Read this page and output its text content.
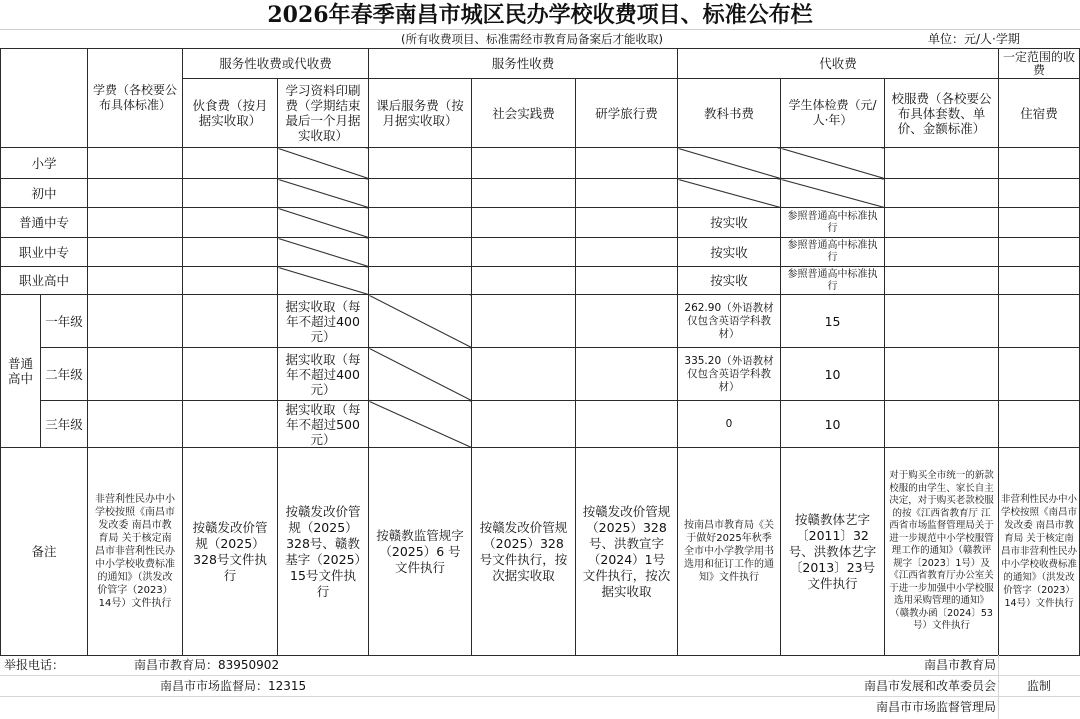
2026年春季南昌市城区民办学校收费项目、标准公布栏
(所有收费项目、标准需经市教育局备案后才能收取)	单位：元/人·学期
		学费（各校要公布具体标准）	服务性收费或代收费		服务性收费			代收费			一定范围的收费
			伙食费（按月据实收取）	学习资料印刷费（学期结束最后一个月据实收取）	课后服务费（按月据实收取）	社会实践费	研学旅行费	教科书费	学生体检费（元/人·年）	校服费（各校要公布具体套数、单价、金额标准）	住宿费
小学											
初中											
普通中专								按实收	参照普通高中标准执行		
职业中专								按实收	参照普通高中标准执行		
职业高中								按实收	参照普通高中标准执行		
普通高中	一年级			据实收取（每年不超过400元）				262.90（外语教材仅包含英语学科教材）	15		
	二年级			据实收取（每年不超过400元）				335.20（外语教材仅包含英语学科教材）	10		
	三年级			据实收取（每年不超过500元）				0	10		
备注		非营利性民办中小学校按照《南昌市发改委 南昌市教育局 关于核定南昌市非营利性民办中小学校收费标准的通知》（洪发改价管字（2023）14号）文件执行	按赣发改价管规（2025）328号文件执行	按赣发改价管规（2025）328号、赣教基字（2025）15号文件执行	按赣教监管规字（2025）6 号文件执行	按赣发改价管规（2025）328号文件执行，按次据实收取	按赣发改价管规（2025）328号、洪教宣字（2024）1号文件执行，按次据实收取	按南昌市教育局《关于做好2025年秋季全市中小学教学用书选用和征订工作的通知》文件执行	按赣教体艺字〔2011〕32号、洪教体艺字〔2013〕23号文件执行	对于购买全市统一的新款校服的由学生、家长自主决定，对于购买老款校服的按《江西省教育厅 江西省市场监督管理局关于进一步规范中小学校服管理工作的通知》（赣教评规字〔2023〕1号）及《江西省教育厅办公室关于进一步加强中小学校服选用采购管理的通知》（赣教办函〔2024〕53号）文件执行	非营利性民办中小学校按照《南昌市发改委 南昌市教育局 关于核定南昌市非营利性民办中小学校收费标准的通知》（洪发改价管字（2023）14号）文件执行
举报电话：	南昌市教育局：83950902	南昌市教育局
南昌市市场监督局：12315	南昌市发展和改革委员会	监制
南昌市市场监督管理局
